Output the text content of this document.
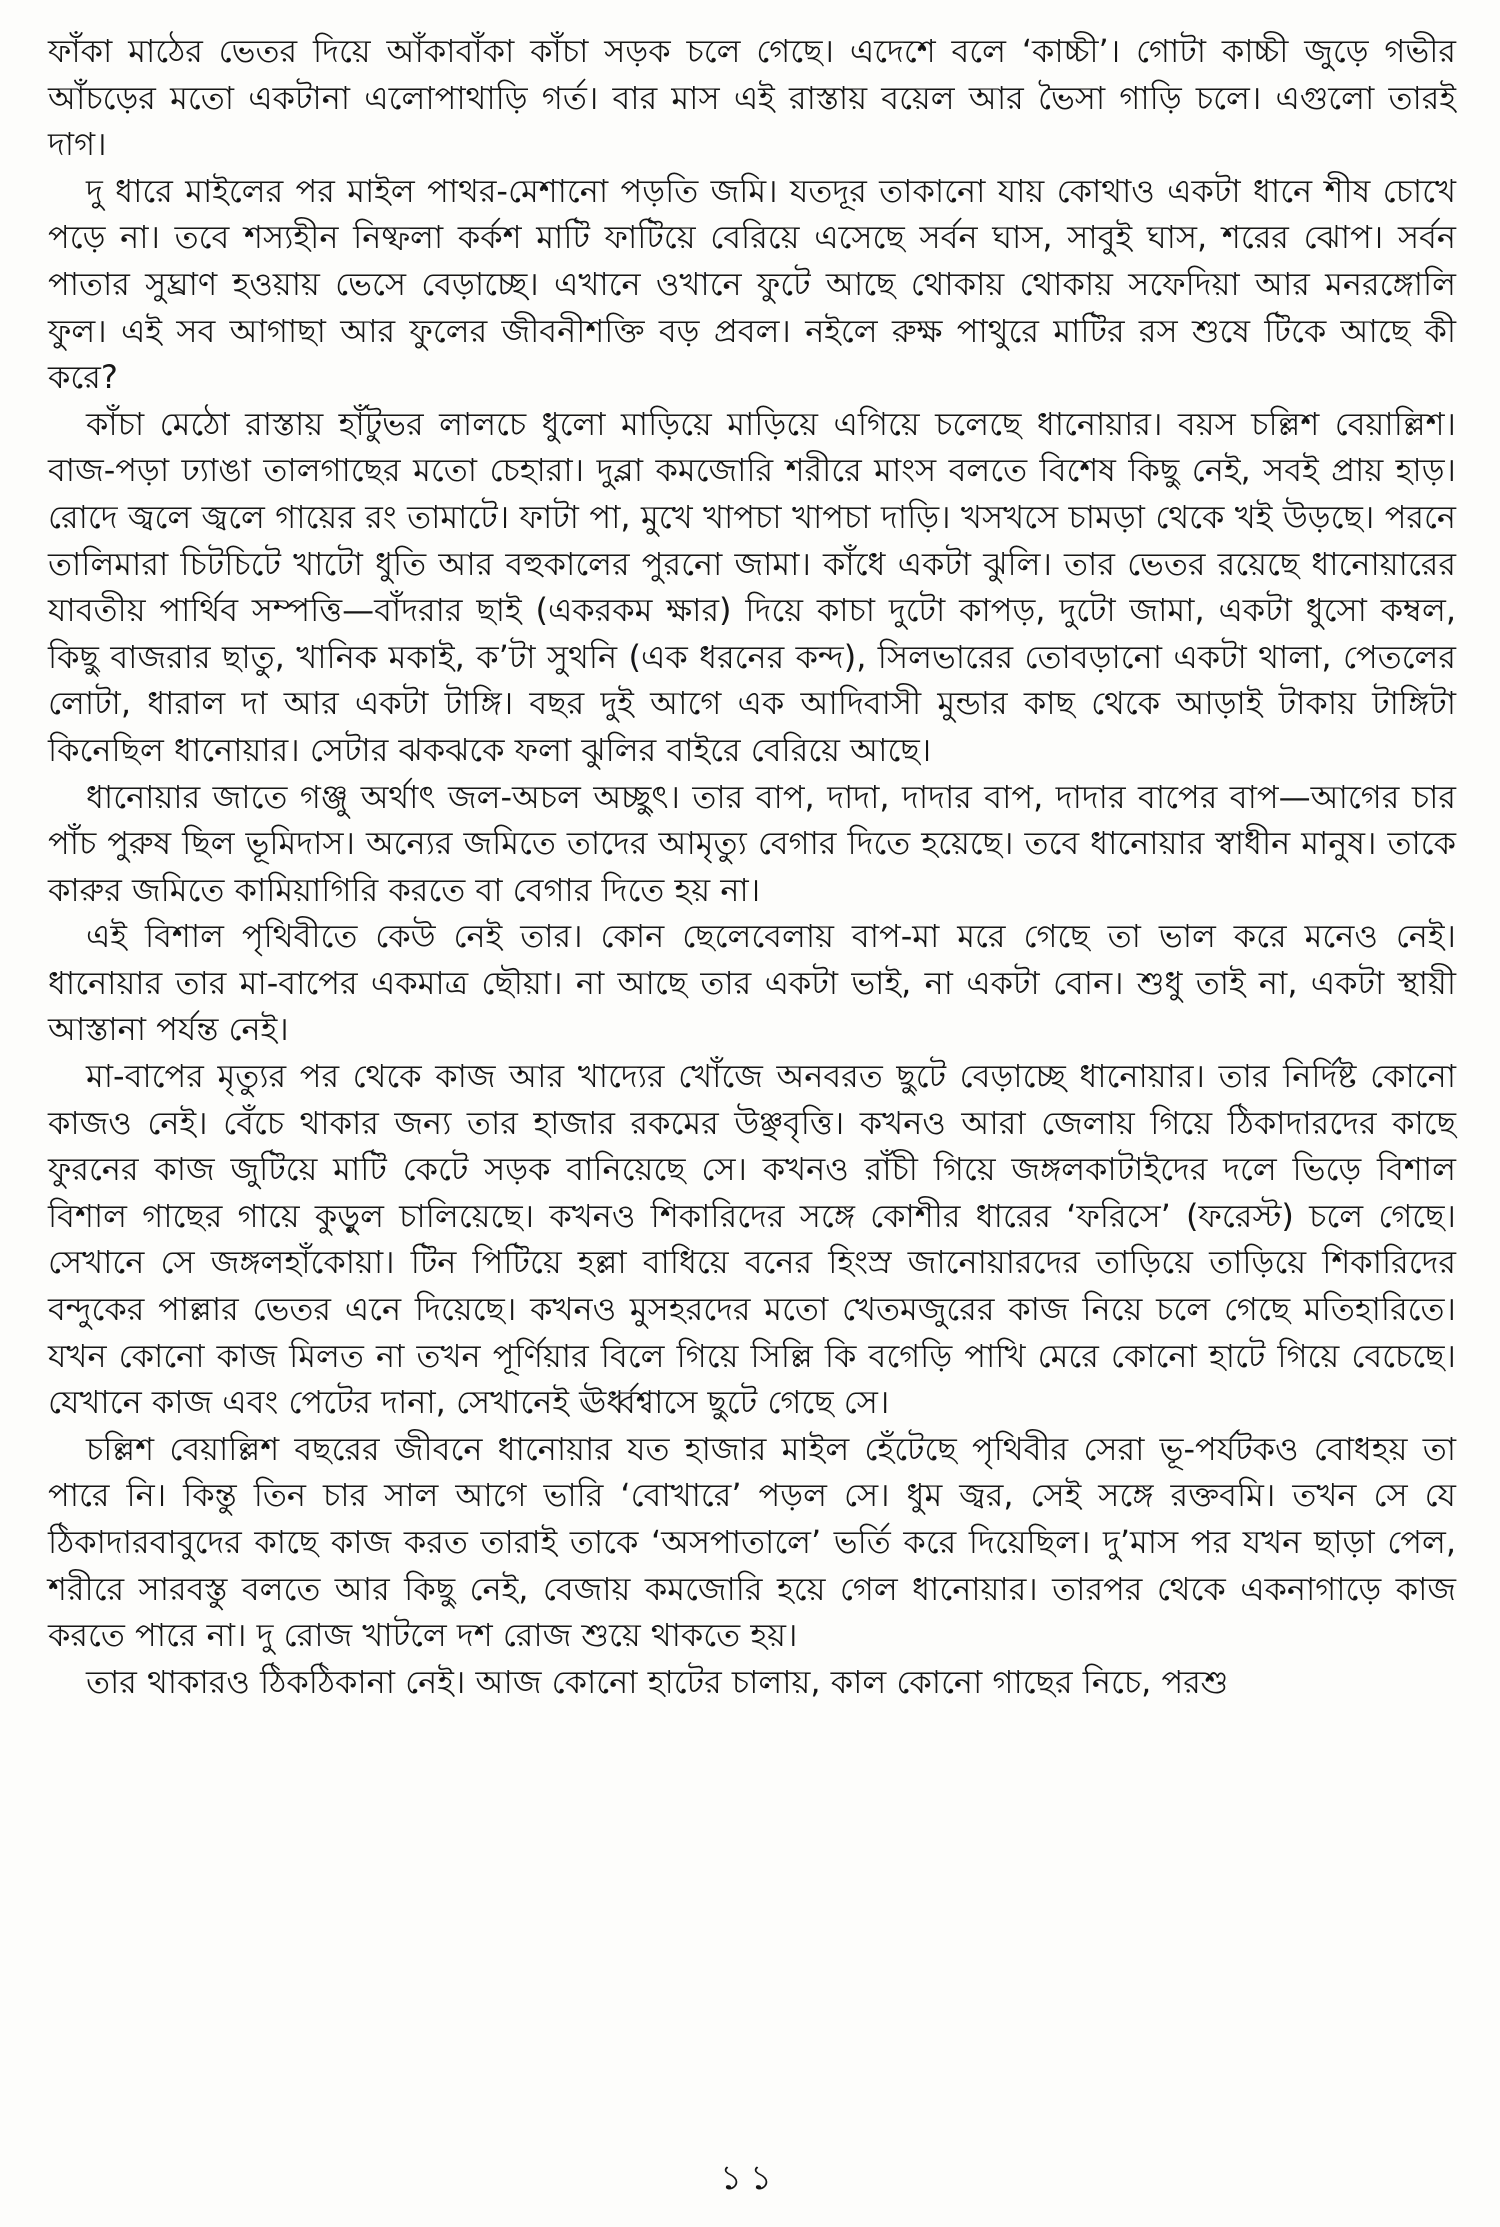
ফাঁকা মাঠের ভেতর দিয়ে আঁকাবাঁকা কাঁচা সড়ক চলে গেছে। এদেশে বলে ‘কাচ্চী’। গোটা কাচ্চী জুড়ে গভীর আঁচড়ের মতো একটানা এলোপাথাড়ি গর্ত। বার মাস এই রাস্তায় বয়েল আর ভৈসা গাড়ি চলে। এগুলো তারই দাগ।

দু ধারে মাইলের পর মাইল পাথর-মেশানো পড়তি জমি। যতদূর তাকানো যায় কোথাও একটা ধানে শীষ চোখে পড়ে না। তবে শস্যহীন নিষ্ফলা কর্কশ মাটি ফাটিয়ে বেরিয়ে এসেছে সর্বন ঘাস, সাবুই ঘাস, শরের ঝোপ। সর্বন পাতার সুঘ্রাণ হওয়ায় ভেসে বেড়াচ্ছে। এখানে ওখানে ফুটে আছে থোকায় থোকায় সফেদিয়া আর মনরঙ্গোলি ফুল। এই সব আগাছা আর ফুলের জীবনীশক্তি বড় প্রবল। নইলে রুক্ষ পাথুরে মাটির রস শুষে টিকে আছে কী করে?

কাঁচা মেঠো রাস্তায় হাঁটুভর লালচে ধুলো মাড়িয়ে মাড়িয়ে এগিয়ে চলেছে ধানোয়ার। বয়স চল্লিশ বেয়াল্লিশ। বাজ-পড়া ঢ্যাঙা তালগাছের মতো চেহারা। দুব্লা কমজোরি শরীরে মাংস বলতে বিশেষ কিছু নেই, সবই প্রায় হাড়। রোদে জ্বলে জ্বলে গায়ের রং তামাটে। ফাটা পা, মুখে খাপচা খাপচা দাড়ি। খসখসে চামড়া থেকে খই উড়ছে। পরনে তালিমারা চিটচিটে খাটো ধুতি আর বহুকালের পুরনো জামা। কাঁধে একটা ঝুলি। তার ভেতর রয়েছে ধানোয়ারের যাবতীয় পার্থিব সম্পত্তি—বাঁদরার ছাই (একরকম ক্ষার) দিয়ে কাচা দুটো কাপড়, দুটো জামা, একটা ধুসো কম্বল, কিছু বাজরার ছাতু, খানিক মকাই, ক’টা সুথনি (এক ধরনের কন্দ), সিলভারের তোবড়ানো একটা থালা, পেতলের লোটা, ধারাল দা আর একটা টাঙ্গি। বছর দুই আগে এক আদিবাসী মুন্ডার কাছ থেকে আড়াই টাকায় টাঙ্গিটা কিনেছিল ধানোয়ার। সেটার ঝকঝকে ফলা ঝুলির বাইরে বেরিয়ে আছে।

ধানোয়ার জাতে গঞ্জু অর্থাৎ জল-অচল অচ্ছুৎ। তার বাপ, দাদা, দাদার বাপ, দাদার বাপের বাপ—আগের চার পাঁচ পুরুষ ছিল ভূমিদাস। অন্যের জমিতে তাদের আমৃত্যু বেগার দিতে হয়েছে। তবে ধানোয়ার স্বাধীন মানুষ। তাকে কারুর জমিতে কামিয়াগিরি করতে বা বেগার দিতে হয় না।

এই বিশাল পৃথিবীতে কেউ নেই তার। কোন ছেলেবেলায় বাপ-মা মরে গেছে তা ভাল করে মনেও নেই। ধানোয়ার তার মা-বাপের একমাত্র ছৌয়া। না আছে তার একটা ভাই, না একটা বোন। শুধু তাই না, একটা স্থায়ী আস্তানা পর্যন্ত নেই।

মা-বাপের মৃত্যুর পর থেকে কাজ আর খাদ্যের খোঁজে অনবরত ছুটে বেড়াচ্ছে ধানোয়ার। তার নির্দিষ্ট কোনো কাজও নেই। বেঁচে থাকার জন্য তার হাজার রকমের উঞ্ছবৃত্তি। কখনও আরা জেলায় গিয়ে ঠিকাদারদের কাছে ফুরনের কাজ জুটিয়ে মাটি কেটে সড়ক বানিয়েছে সে। কখনও রাঁচী গিয়ে জঙ্গলকাটাইদের দলে ভিড়ে বিশাল বিশাল গাছের গায়ে কুড়ুল চালিয়েছে। কখনও শিকারিদের সঙ্গে কোশীর ধারের ‘ফরিসে’ (ফরেস্ট) চলে গেছে। সেখানে সে জঙ্গলহাঁকোয়া। টিন পিটিয়ে হল্লা বাধিয়ে বনের হিংস্র জানোয়ারদের তাড়িয়ে তাড়িয়ে শিকারিদের বন্দুকের পাল্লার ভেতর এনে দিয়েছে। কখনও মুসহরদের মতো খেতমজুরের কাজ নিয়ে চলে গেছে মতিহারিতে। যখন কোনো কাজ মিলত না তখন পূর্ণিয়ার বিলে গিয়ে সিল্লি কি বগেড়ি পাখি মেরে কোনো হাটে গিয়ে বেচেছে। যেখানে কাজ এবং পেটের দানা, সেখানেই ঊর্ধ্বশ্বাসে ছুটে গেছে সে।

চল্লিশ বেয়াল্লিশ বছরের জীবনে ধানোয়ার যত হাজার মাইল হেঁটেছে পৃথিবীর সেরা ভূ-পর্যটকও বোধহয় তা পারে নি। কিন্তু তিন চার সাল আগে ভারি ‘বোখারে’ পড়ল সে। ধুম জ্বর, সেই সঙ্গে রক্তবমি। তখন সে যে ঠিকাদারবাবুদের কাছে কাজ করত তারাই তাকে ‘অসপাতালে’ ভর্তি করে দিয়েছিল। দু’মাস পর যখন ছাড়া পেল, শরীরে সারবস্তু বলতে আর কিছু নেই, বেজায় কমজোরি হয়ে গেল ধানোয়ার। তারপর থেকে একনাগাড়ে কাজ করতে পারে না। দু রোজ খাটলে দশ রোজ শুয়ে থাকতে হয়।

তার থাকারও ঠিকঠিকানা নেই। আজ কোনো হাটের চালায়, কাল কোনো গাছের নিচে, পরশু

১১
